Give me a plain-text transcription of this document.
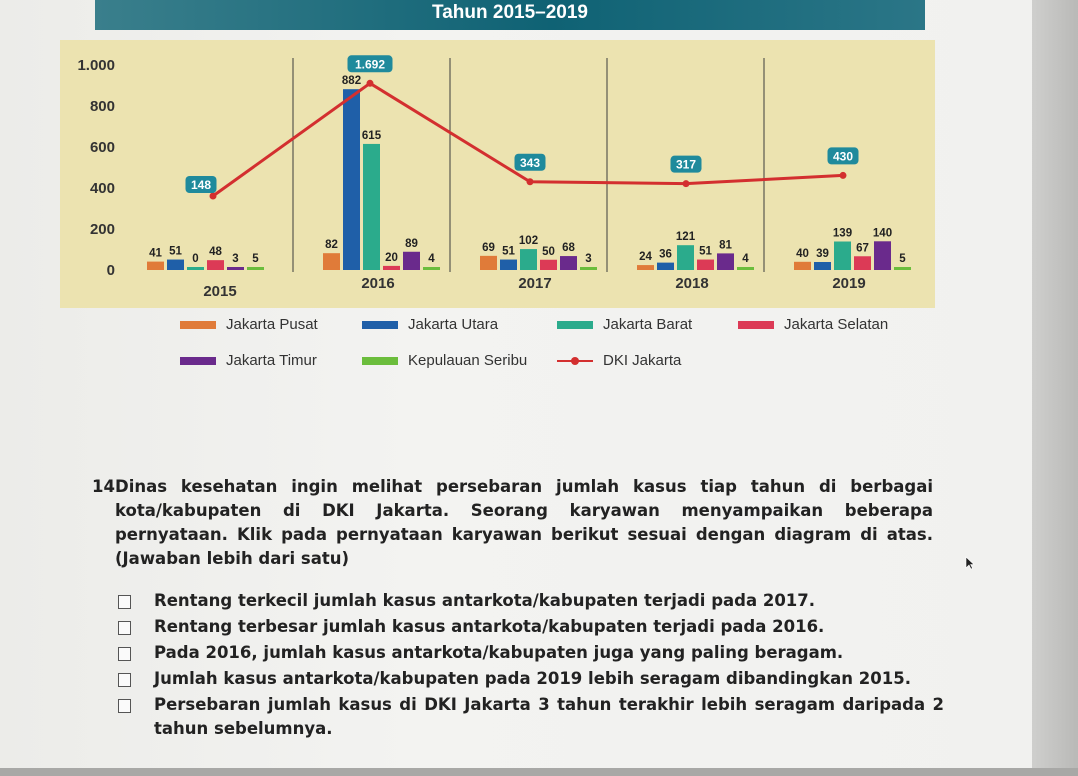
Tahun 2015–2019
0
200
400
600
800
1.000
41
82	69
24	40
51
882
51	36	39
0
615
102	121	139
48	20
50	51	67
3
89	68	81
140
5	4	3	4	5
2015	2016	2017	2018	2019
148
1.692
343	317
430
Jakarta Pusat	Jakarta Utara	Jakarta Barat	Jakarta Selatan
Jakarta Timur	Kepulauan Seribu	DKI Jakarta
14.
Dinas kesehatan ingin melihat persebaran jumlah kasus tiap tahun di berbagai kota/kabupaten di DKI Jakarta. Seorang karyawan menyampaikan beberapa pernyataan. Klik pada pernyataan karyawan berikut sesuai dengan diagram di atas. (Jawaban lebih dari satu)
Rentang terkecil jumlah kasus antarkota/kabupaten terjadi pada 2017.
Rentang terbesar jumlah kasus antarkota/kabupaten terjadi pada 2016.
Pada 2016, jumlah kasus antarkota/kabupaten juga yang paling beragam.
Jumlah kasus antarkota/kabupaten pada 2019 lebih seragam dibandingkan 2015.
Persebaran jumlah kasus di DKI Jakarta 3 tahun terakhir lebih seragam daripada 2 tahun sebelumnya.
